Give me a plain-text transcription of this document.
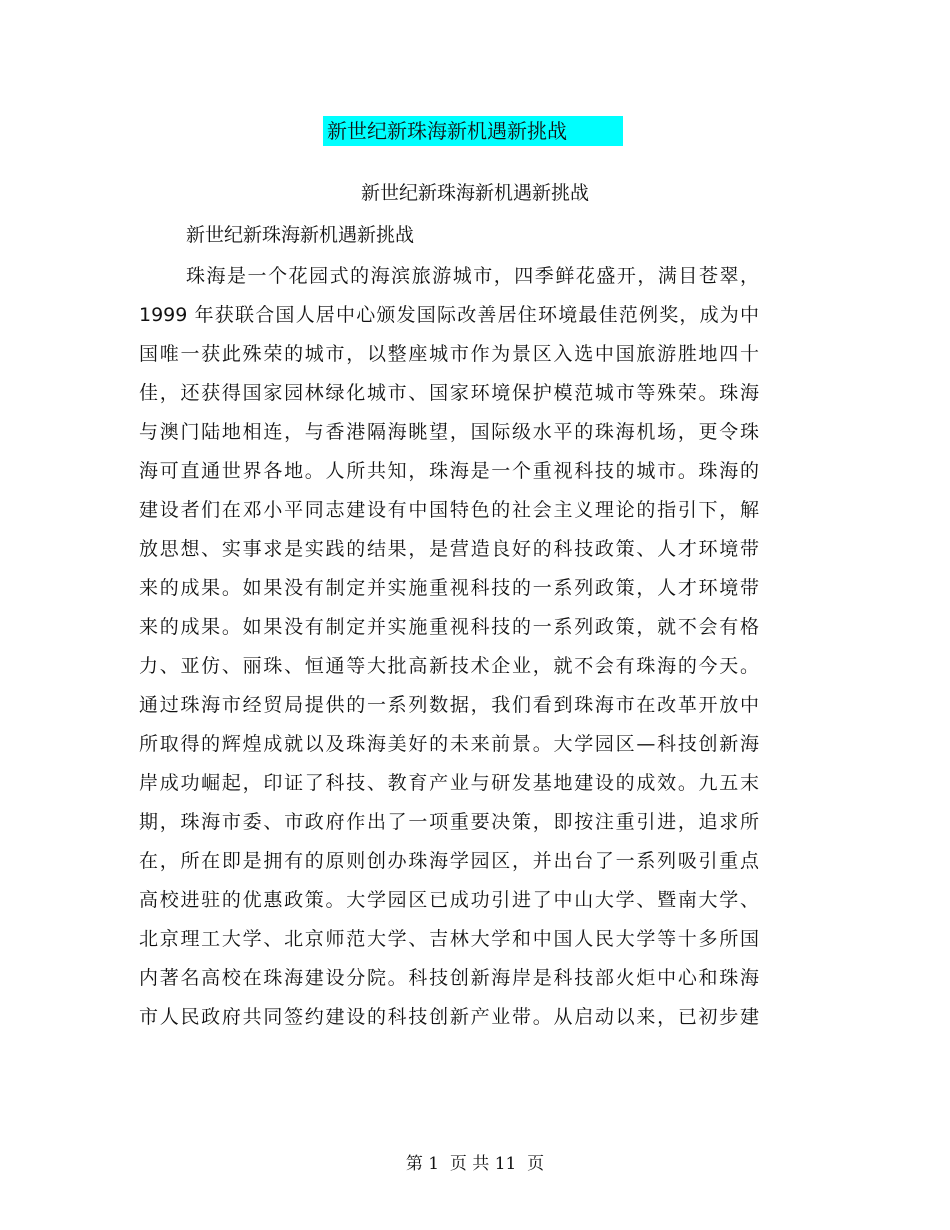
新世纪新珠海新机遇新挑战
新世纪新珠海新机遇新挑战
新世纪新珠海新机遇新挑战
珠海是一个花园式的海滨旅游城市，四季鲜花盛开，满目苍翠，
1999 年获联合国人居中心颁发国际改善居住环境最佳范例奖，成为中
国唯一获此殊荣的城市，以整座城市作为景区入选中国旅游胜地四十
佳，还获得国家园林绿化城市、国家环境保护模范城市等殊荣。珠海
与澳门陆地相连，与香港隔海眺望，国际级水平的珠海机场，更令珠
海可直通世界各地。人所共知，珠海是一个重视科技的城市。珠海的
建设者们在邓小平同志建设有中国特色的社会主义理论的指引下，解
放思想、实事求是实践的结果，是营造良好的科技政策、人才环境带
来的成果。如果没有制定并实施重视科技的一系列政策，人才环境带
来的成果。如果没有制定并实施重视科技的一系列政策，就不会有格
力、亚仿、丽珠、恒通等大批高新技术企业，就不会有珠海的今天。
通过珠海市经贸局提供的一系列数据，我们看到珠海市在改革开放中
所取得的辉煌成就以及珠海美好的未来前景。大学园区—科技创新海
岸成功崛起，印证了科技、教育产业与研发基地建设的成效。九五末
期，珠海市委、市政府作出了一项重要决策，即按注重引进，追求所
在，所在即是拥有的原则创办珠海学园区，并出台了一系列吸引重点
高校进驻的优惠政策。大学园区已成功引进了中山大学、暨南大学、
北京理工大学、北京师范大学、吉林大学和中国人民大学等十多所国
内著名高校在珠海建设分院。科技创新海岸是科技部火炬中心和珠海
市人民政府共同签约建设的科技创新产业带。从启动以来，已初步建
第 1  页 共 11  页
